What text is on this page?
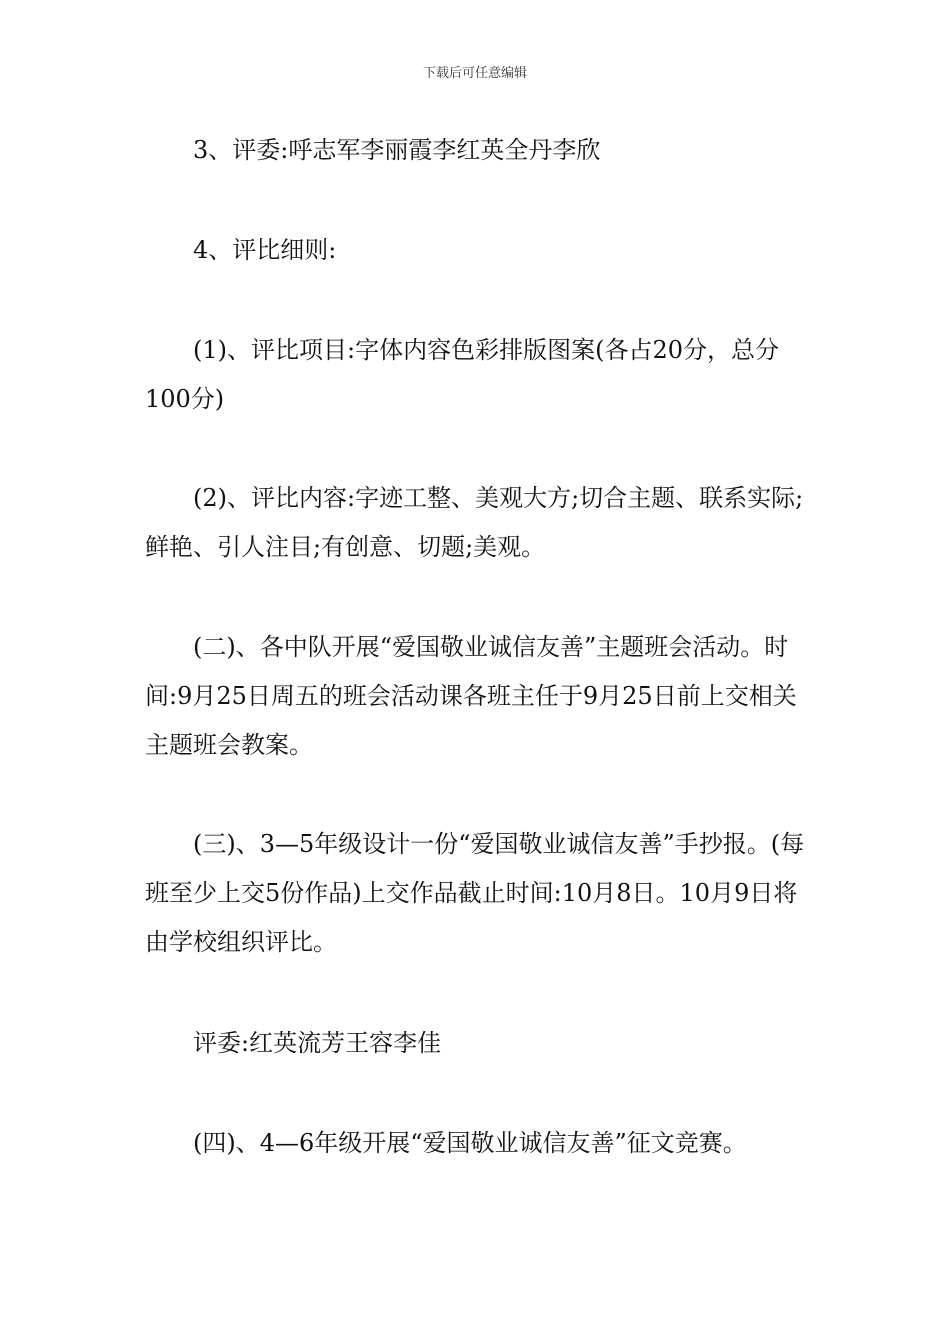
下载后可任意编辑

3、评委:呼志军李丽霞李红英全丹李欣

4、评比细则:

(1)、评比项目:字体内容色彩排版图案(各占20分，总分100分)

(2)、评比内容:字迹工整、美观大方;切合主题、联系实际;鲜艳、引人注目;有创意、切题;美观。

(二)、各中队开展“爱国敬业诚信友善”主题班会活动。时间:9月25日周五的班会活动课各班主任于9月25日前上交相关主题班会教案。

(三)、3—5年级设计一份“爱国敬业诚信友善”手抄报。(每班至少上交5份作品)上交作品截止时间:10月8日。10月9日将由学校组织评比。

评委:红英流芳王容李佳

(四)、4—6年级开展“爱国敬业诚信友善”征文竞赛。
